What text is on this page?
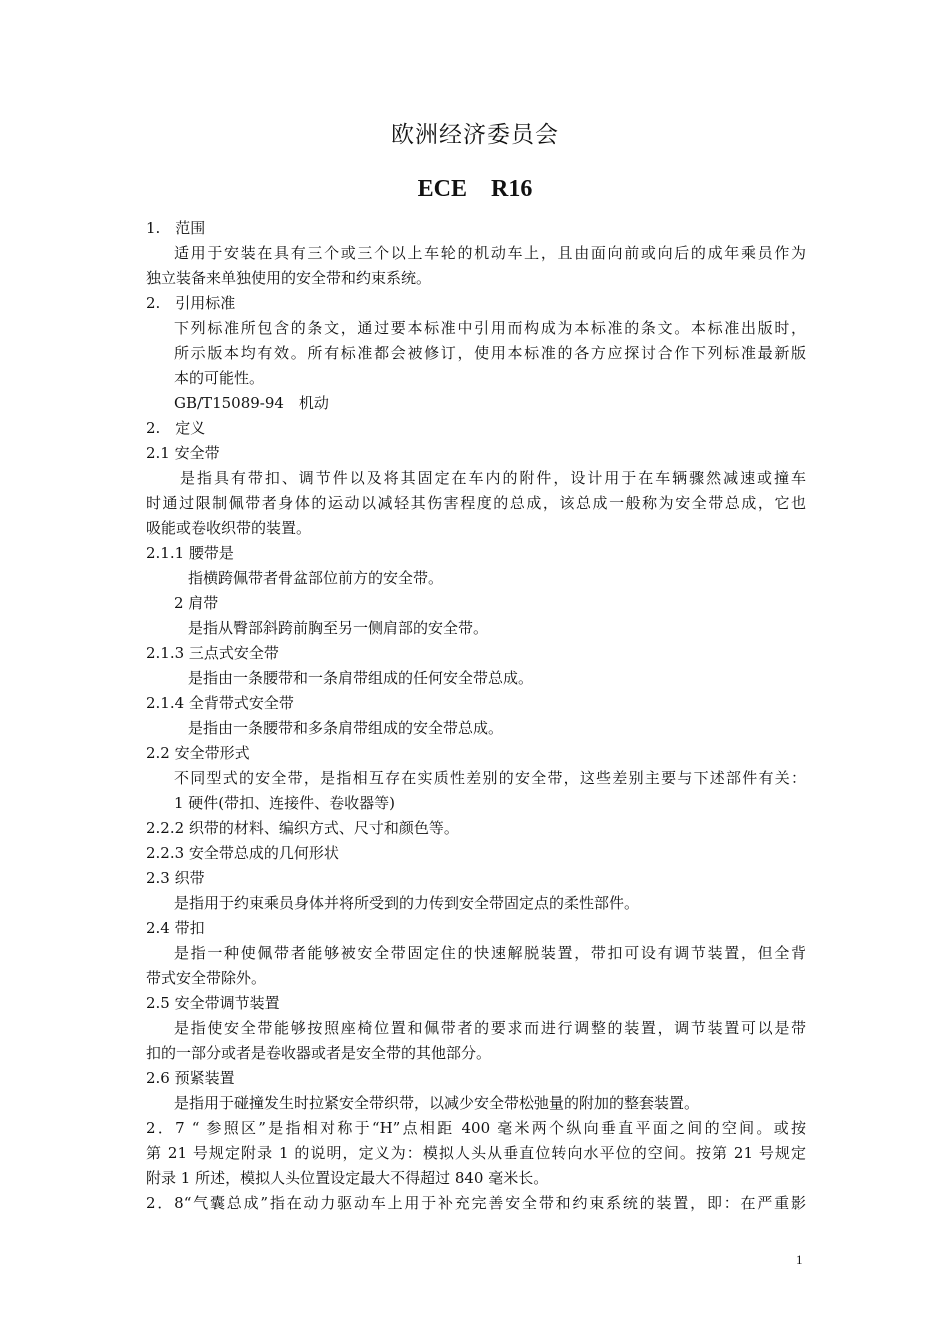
欧洲经济委员会
ECE　R16
1.　范围
适用于安装在具有三个或三个以上车轮的机动车上，且由面向前或向后的成年乘员作为
独立装备来单独使用的安全带和约束系统。
2.　引用标准
下列标准所包含的条文，通过要本标准中引用而构成为本标准的条文。本标准出版时，
所示版本均有效。所有标准都会被修订，使用本标准的各方应探讨合作下列标准最新版
本的可能性。
GB/T15089-94　机动
2.　定义
2.1 安全带
是指具有带扣、调节件以及将其固定在车内的附件，设计用于在车辆骤然减速或撞车
时通过限制佩带者身体的运动以减轻其伤害程度的总成，该总成一般称为安全带总成，它也
吸能或卷收织带的装置。
2.1.1 腰带是
指横跨佩带者骨盆部位前方的安全带。
2 肩带
是指从臀部斜跨前胸至另一侧肩部的安全带。
2.1.3 三点式安全带
是指由一条腰带和一条肩带组成的任何安全带总成。
2.1.4 全背带式安全带
是指由一条腰带和多条肩带组成的安全带总成。
2.2 安全带形式
不同型式的安全带，是指相互存在实质性差别的安全带，这些差别主要与下述部件有关：
1 硬件(带扣、连接件、卷收器等)
2.2.2 织带的材料、编织方式、尺寸和颜色等。
2.2.3 安全带总成的几何形状
2.3 织带
是指用于约束乘员身体并将所受到的力传到安全带固定点的柔性部件。
2.4 带扣
是指一种使佩带者能够被安全带固定住的快速解脱装置，带扣可设有调节装置，但全背
带式安全带除外。
2.5 安全带调节装置
是指使安全带能够按照座椅位置和佩带者的要求而进行调整的装置，调节装置可以是带
扣的一部分或者是卷收器或者是安全带的其他部分。
2.6 预紧装置
是指用于碰撞发生时拉紧安全带织带，以减少安全带松弛量的附加的整套装置。
2．7 “ 参照区”是指相对称于“H”点相距 400 毫米两个纵向垂直平面之间的空间。或按
第 21 号规定附录 1 的说明，定义为：模拟人头从垂直位转向水平位的空间。按第 21 号规定
附录 1 所述，模拟人头位置设定最大不得超过 840 毫米长。
2．8“气囊总成”指在动力驱动车上用于补充完善安全带和约束系统的装置，即：在严重影
1
